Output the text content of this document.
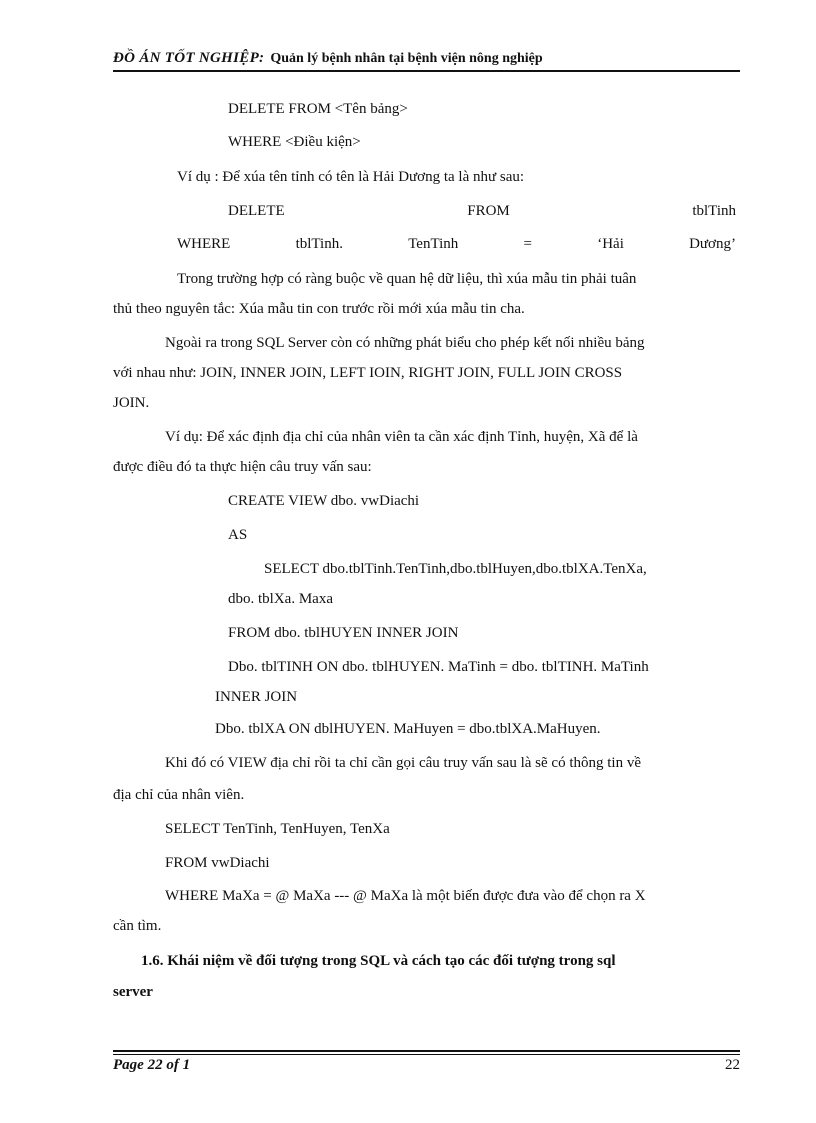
ĐỒ ÁN TỐT NGHIỆP: Quản lý bệnh nhân tại bệnh viện nông nghiệp
DELETE FROM <Tên bảng>
WHERE <Điều kiện>
Ví dụ : Để xúa tên tỉnh có tên là Hải Dương ta là như sau:
DELETE	FROM	tblTinh
WHERE	tblTinh.	TenTinh	=	‘Hải	Dương’
Trong trường hợp có ràng buộc về quan hệ dữ liệu, thì xúa mẫu tin phải tuân
thủ theo nguyên tắc: Xúa mẫu tin con trước rồi mới xúa mẫu tin cha.
Ngoài ra trong SQL Server còn có những phát biểu cho phép kết nối nhiều bảng
với nhau như: JOIN, INNER JOIN, LEFT IOIN, RIGHT JOIN, FULL JOIN CROSS
JOIN.
Ví dụ: Để xác định địa chỉ của nhân viên ta cần xác định Tỉnh, huyện, Xã để là
được điều đó ta thực hiện câu truy vấn sau:
CREATE VIEW dbo. vwDiachi
AS
SELECT dbo.tblTinh.TenTinh,dbo.tblHuyen,dbo.tblXA.TenXa,
dbo. tblXa. Maxa
FROM dbo. tblHUYEN INNER JOIN
Dbo. tblTINH ON dbo. tblHUYEN. MaTinh = dbo. tblTINH. MaTinh
INNER JOIN
Dbo. tblXA ON dblHUYEN. MaHuyen = dbo.tblXA.MaHuyen.
Khi đó có VIEW địa chỉ rồi ta chỉ cần gọi câu truy vấn sau là sẽ có thông tin về
địa chỉ của nhân viên.
SELECT TenTinh, TenHuyen, TenXa
FROM vwDiachi
WHERE MaXa = @ MaXa --- @ MaXa là một biến được đưa vào để chọn ra X
cần tìm.
1.6. Khái niệm về đối tượng trong SQL và cách tạo các đối tượng trong sql
server
Page 22 of 1	22
